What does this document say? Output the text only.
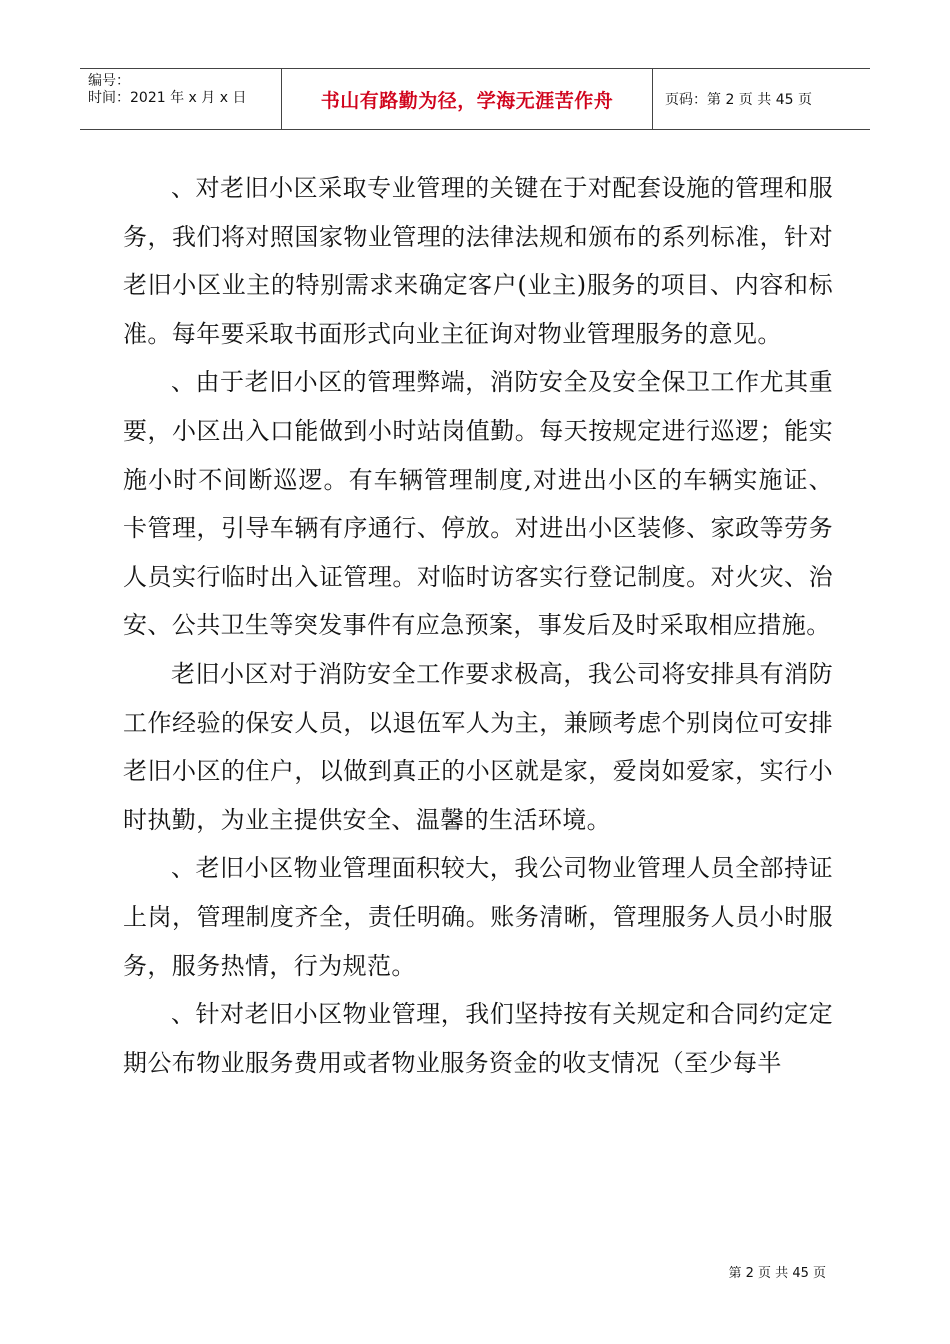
编号：
时间：2021 年 x 月 x 日	书山有路勤为径，学海无涯苦作舟	页码：第 2 页 共 45 页

、对老旧小区采取专业管理的关键在于对配套设施的管理和服务，我们将对照国家物业管理的法律法规和颁布的系列标准，针对老旧小区业主的特别需求来确定客户(业主)服务的项目、内容和标准。每年要采取书面形式向业主征询对物业管理服务的意见。

、由于老旧小区的管理弊端，消防安全及安全保卫工作尤其重要，小区出入口能做到小时站岗值勤。每天按规定进行巡逻；能实施小时不间断巡逻。有车辆管理制度,对进出小区的车辆实施证、卡管理，引导车辆有序通行、停放。对进出小区装修、家政等劳务人员实行临时出入证管理。对临时访客实行登记制度。对火灾、治安、公共卫生等突发事件有应急预案，事发后及时采取相应措施。

老旧小区对于消防安全工作要求极高，我公司将安排具有消防工作经验的保安人员，以退伍军人为主，兼顾考虑个别岗位可安排老旧小区的住户，以做到真正的小区就是家，爱岗如爱家，实行小时执勤，为业主提供安全、温馨的生活环境。

、老旧小区物业管理面积较大，我公司物业管理人员全部持证上岗，管理制度齐全，责任明确。账务清晰，管理服务人员小时服务，服务热情，行为规范。

、针对老旧小区物业管理，我们坚持按有关规定和合同约定定期公布物业服务费用或者物业服务资金的收支情况（至少每半

第 2 页 共 45 页
